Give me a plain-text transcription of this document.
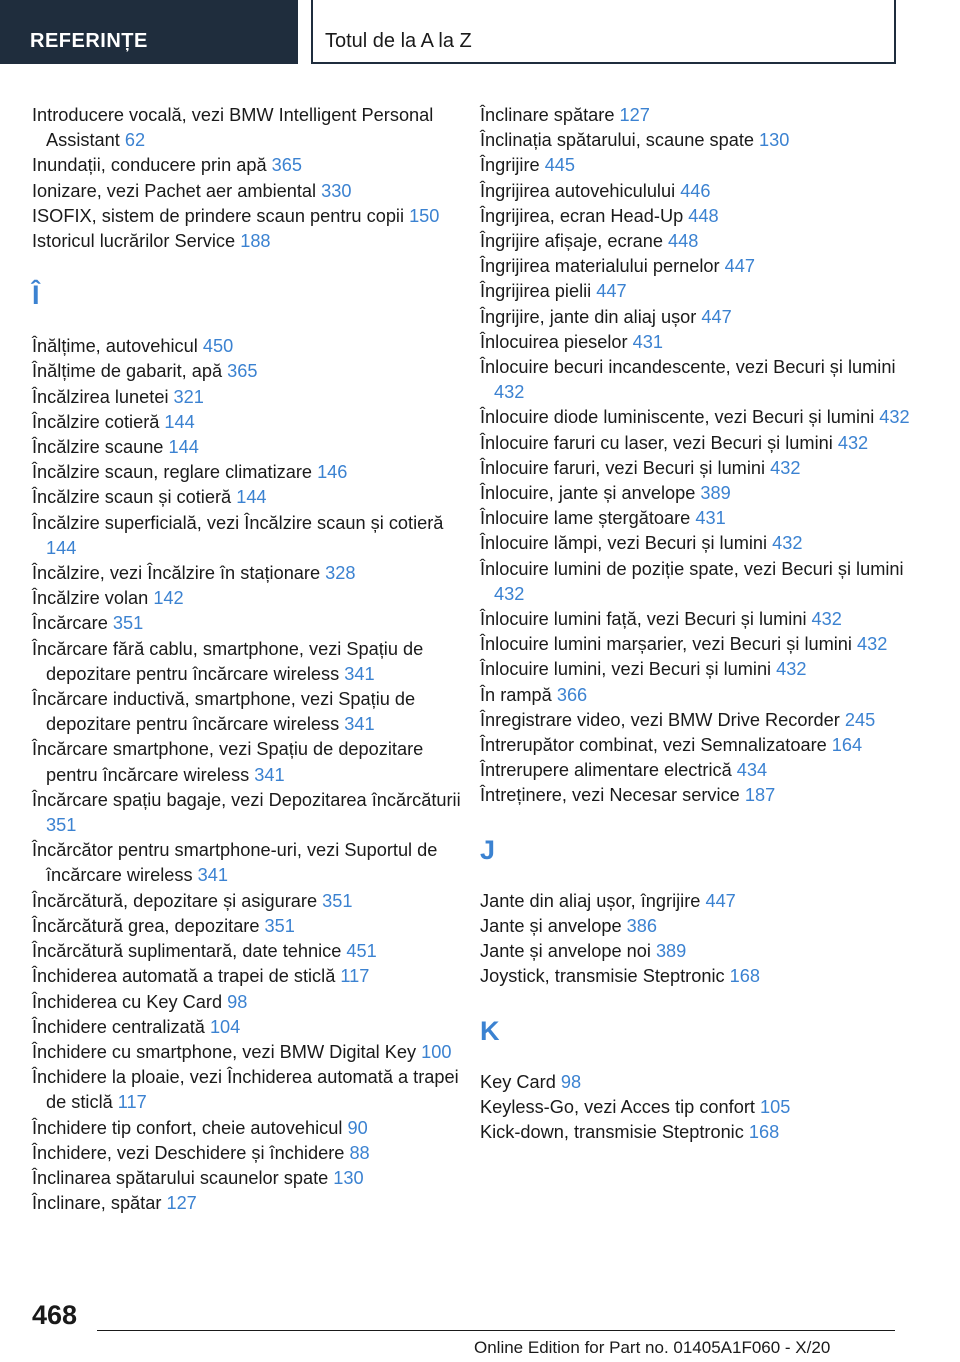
REFERINȚE	Totul de la A la Z
Introducere vocală, vezi BMW Intelligent Personal Assistant 62
Inundații, conducere prin apă 365
Ionizare, vezi Pachet aer ambiental 330
ISOFIX, sistem de prindere scaun pentru copii 150
Istoricul lucrărilor Service 188
Î
Înălțime, autovehicul 450
Înălțime de gabarit, apă 365
Încălzirea lunetei 321
Încălzire cotieră 144
Încălzire scaune 144
Încălzire scaun, reglare climatizare 146
Încălzire scaun și cotieră 144
Încălzire superficială, vezi Încălzire scaun și cotieră 144
Încălzire, vezi Încălzire în staționare 328
Încălzire volan 142
Încărcare 351
Încărcare fără cablu, smartphone, vezi Spațiu de depozitare pentru încărcare wireless 341
Încărcare inductivă, smartphone, vezi Spațiu de depozitare pentru încărcare wireless 341
Încărcare smartphone, vezi Spațiu de depozitare pentru încărcare wireless 341
Încărcare spațiu bagaje, vezi Depozitarea încărcăturii 351
Încărcător pentru smartphone-uri, vezi Suportul de încărcare wireless 341
Încărcătură, depozitare și asigurare 351
Încărcătură grea, depozitare 351
Încărcătură suplimentară, date tehnice 451
Închiderea automată a trapei de sticlă 117
Închiderea cu Key Card 98
Închidere centralizată 104
Închidere cu smartphone, vezi BMW Digital Key 100
Închidere la ploaie, vezi Închiderea automată a trapei de sticlă 117
Închidere tip confort, cheie autovehicul 90
Închidere, vezi Deschidere și închidere 88
Înclinarea spătarului scaunelor spate 130
Înclinare, spătar 127
Înclinare spătare 127
Înclinația spătarului, scaune spate 130
Îngrijire 445
Îngrijirea autovehiculului 446
Îngrijirea, ecran Head-Up 448
Îngrijire afișaje, ecrane 448
Îngrijirea materialului pernelor 447
Îngrijirea pielii 447
Îngrijire, jante din aliaj ușor 447
Înlocuirea pieselor 431
Înlocuire becuri incandescente, vezi Becuri și lumini 432
Înlocuire diode luminiscente, vezi Becuri și lumini 432
Înlocuire faruri cu laser, vezi Becuri și lumini 432
Înlocuire faruri, vezi Becuri și lumini 432
Înlocuire, jante și anvelope 389
Înlocuire lame ștergătoare 431
Înlocuire lămpi, vezi Becuri și lumini 432
Înlocuire lumini de poziție spate, vezi Becuri și lumini 432
Înlocuire lumini față, vezi Becuri și lumini 432
Înlocuire lumini marșarier, vezi Becuri și lumini 432
Înlocuire lumini, vezi Becuri și lumini 432
În rampă 366
Înregistrare video, vezi BMW Drive Recorder 245
Întrerupător combinat, vezi Semnalizatoare 164
Întrerupere alimentare electrică 434
Întreținere, vezi Necesar service 187
J
Jante din aliaj ușor, îngrijire 447
Jante și anvelope 386
Jante și anvelope noi 389
Joystick, transmisie Steptronic 168
K
Key Card 98
Keyless-Go, vezi Acces tip confort 105
Kick-down, transmisie Steptronic 168
468
Online Edition for Part no. 01405A1F060 - X/20
